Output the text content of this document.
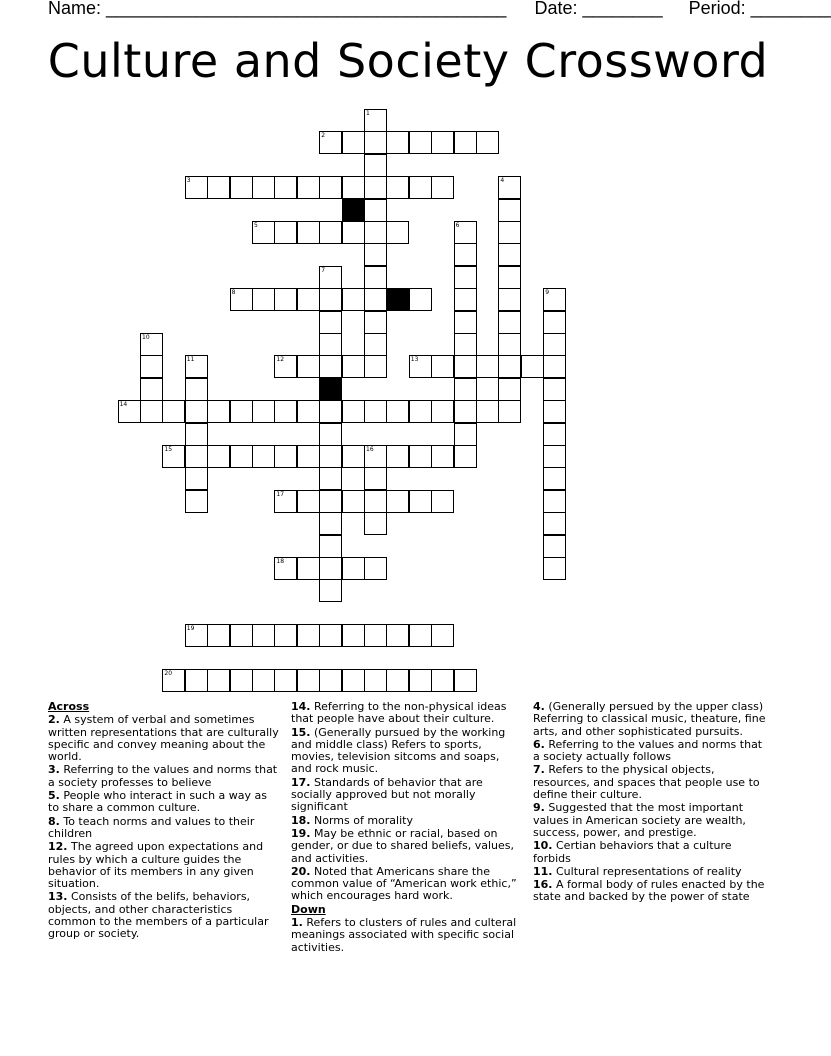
Name: ________________________________________ Date: ________ Period: ________
Culture and Society Crossword
1
2
3	4
5	6
7
8	9
10
11	12	13
14
15	16
17
18
19
20
Across
2. A system of verbal and sometimes written representations that are culturally specific and convey meaning about the world.
3. Referring to the values and norms that a society professes to believe
5. People who interact in such a way as to share a common culture.
8. To teach norms and values to their children
12. The agreed upon expectations and rules by which a culture guides the behavior of its members in any given situation.
13. Consists of the belifs, behaviors, objects, and other characteristics common to the members of a particular group or society.
14. Referring to the non-physical ideas that people have about their culture.
15. (Generally pursued by the working and middle class) Refers to sports, movies, television sitcoms and soaps, and rock music.
17. Standards of behavior that are socially approved but not morally significant
18. Norms of morality
19. May be ethnic or racial, based on gender, or due to shared beliefs, values, and activities.
20. Noted that Americans share the common value of “American work ethic,” which encourages hard work.
Down
1. Refers to clusters of rules and culteral meanings associated with specific social activities.
4. (Generally persued by the upper class) Referring to classical music, theature, fine arts, and other sophisticated pursuits.
6. Referring to the values and norms that a society actually follows
7. Refers to the physical objects, resources, and spaces that people use to define their culture.
9. Suggested that the most important values in American society are wealth, success, power, and prestige.
10. Certian behaviors that a culture forbids
11. Cultural representations of reality
16. A formal body of rules enacted by the state and backed by the power of state
